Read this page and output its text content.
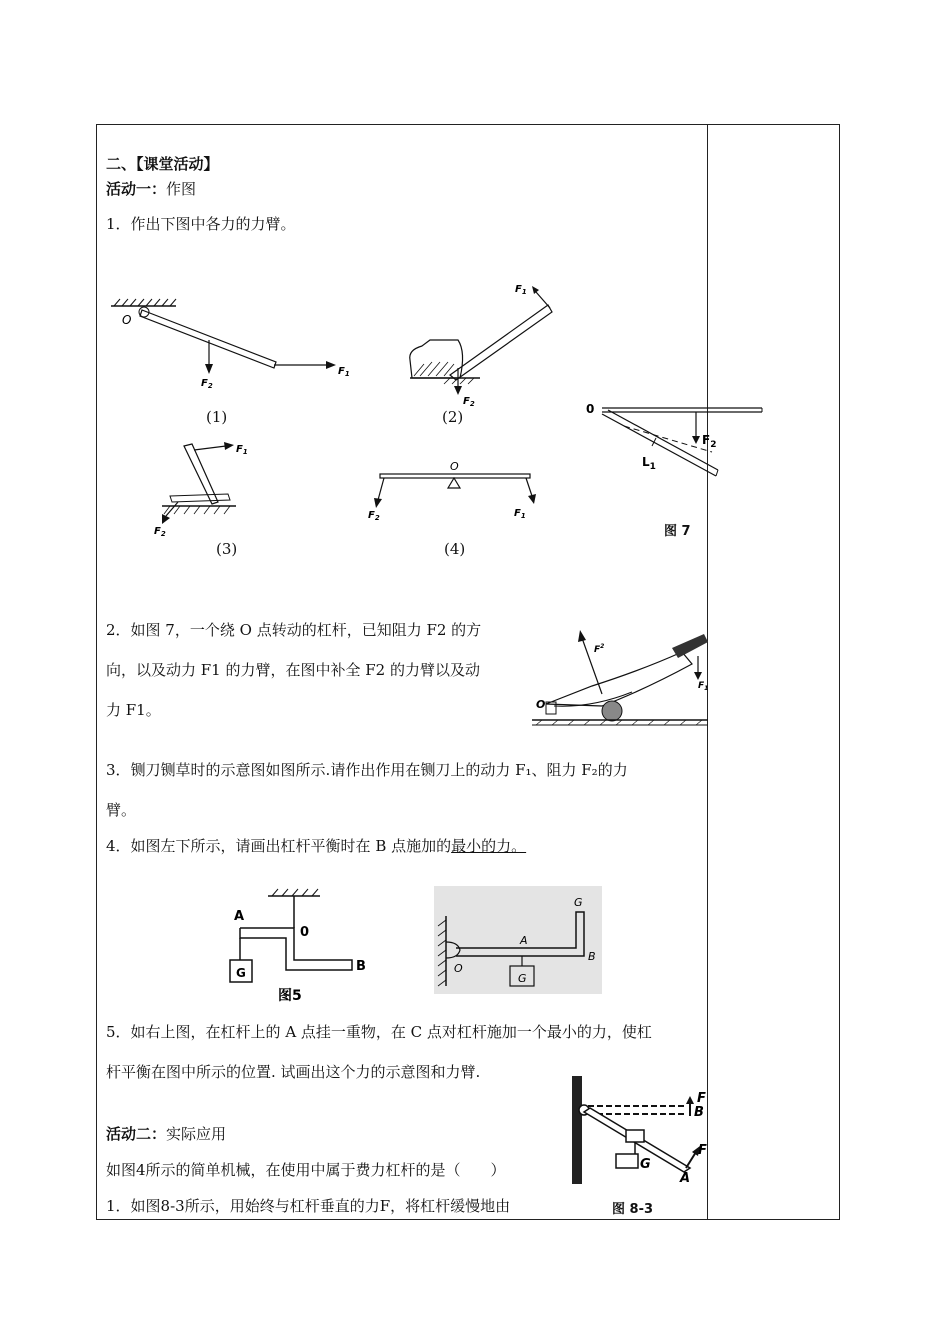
二、【课堂活动】
活动一：作图
1．作出下图中各力的力臂。
O
$F_1$
$F_2$
(1)
$F_1$
$F_2$
(2)	0
$F_2$
$L_1$
图 7
$F_1$
$F_2$
(3)
O
$F_2$	$F_1$
(4)
2．如图 7，一个绕 O 点转动的杠杆，已知阻力 F2 的方
向，以及动力 F1 的力臂，在图中补全 F2 的力臂以及动
力 F1。	O
$F^2$
$F_1$
3．铡刀铡草时的示意图如图所示.请作出作用在铡刀上的动力 F₁、阻力 F₂的力
臂。
4．如图左下所示，请画出杠杆平衡时在 B 点施加的最小的力。
A
0
B
G
图5
G
A
O
B
G
5．如右上图，在杠杆上的 A 点挂一重物，在 C 点对杠杆施加一个最小的力，使杠
杆平衡在图中所示的位置. 试画出这个力的示意图和力臂.
F
B
F
A
G
图 8-3
活动二：实际应用
如图4所示的简单机械，在使用中属于费力杠杆的是（　　）
1．如图8-3所示，用始终与杠杆垂直的力F，将杠杆缓慢地由
